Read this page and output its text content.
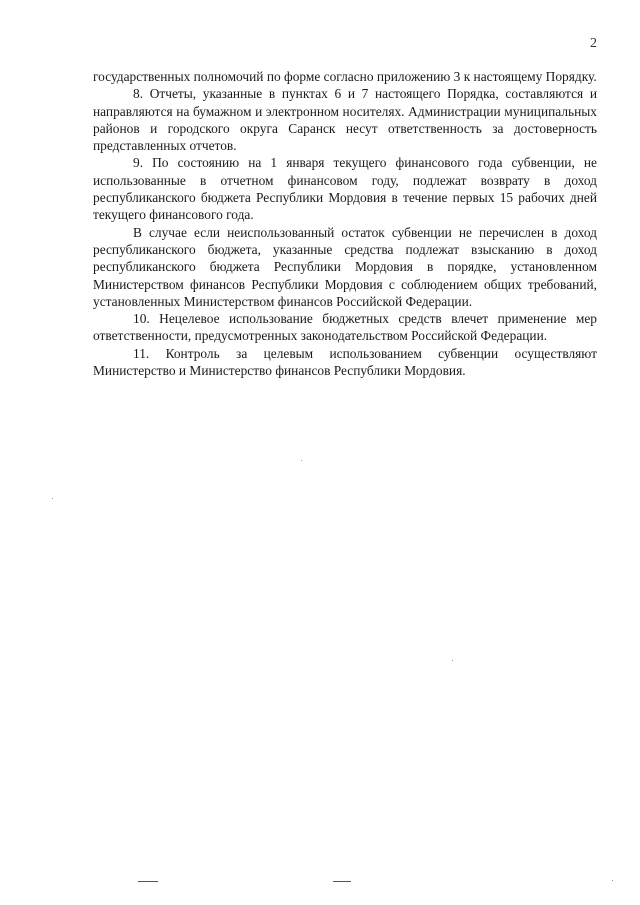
2

государственных полномочий по форме согласно приложению 3 к настоящему Порядку.

8. Отчеты, указанные в пунктах 6 и 7 настоящего Порядка, составляются и направляются на бумажном и электронном носителях. Администрации муниципальных районов и городского округа Саранск несут ответственность за достоверность представленных отчетов.

9. По состоянию на 1 января текущего финансового года субвенции, не использованные в отчетном финансовом году, подлежат возврату в доход республиканского бюджета Республики Мордовия в течение первых 15 рабочих дней текущего финансового года.

В случае если неиспользованный остаток субвенции не перечислен в доход республиканского бюджета, указанные средства подлежат взысканию в доход республиканского бюджета Республики Мордовия в порядке, установленном Министерством финансов Республики Мордовия с соблюдением общих требований, установленных Министерством финансов Российской Федерации.

10. Нецелевое использование бюджетных средств влечет применение мер ответственности, предусмотренных законодательством Российской Федерации.

11. Контроль за целевым использованием субвенции осуществляют Министерство и Министерство финансов Республики Мордовия.
